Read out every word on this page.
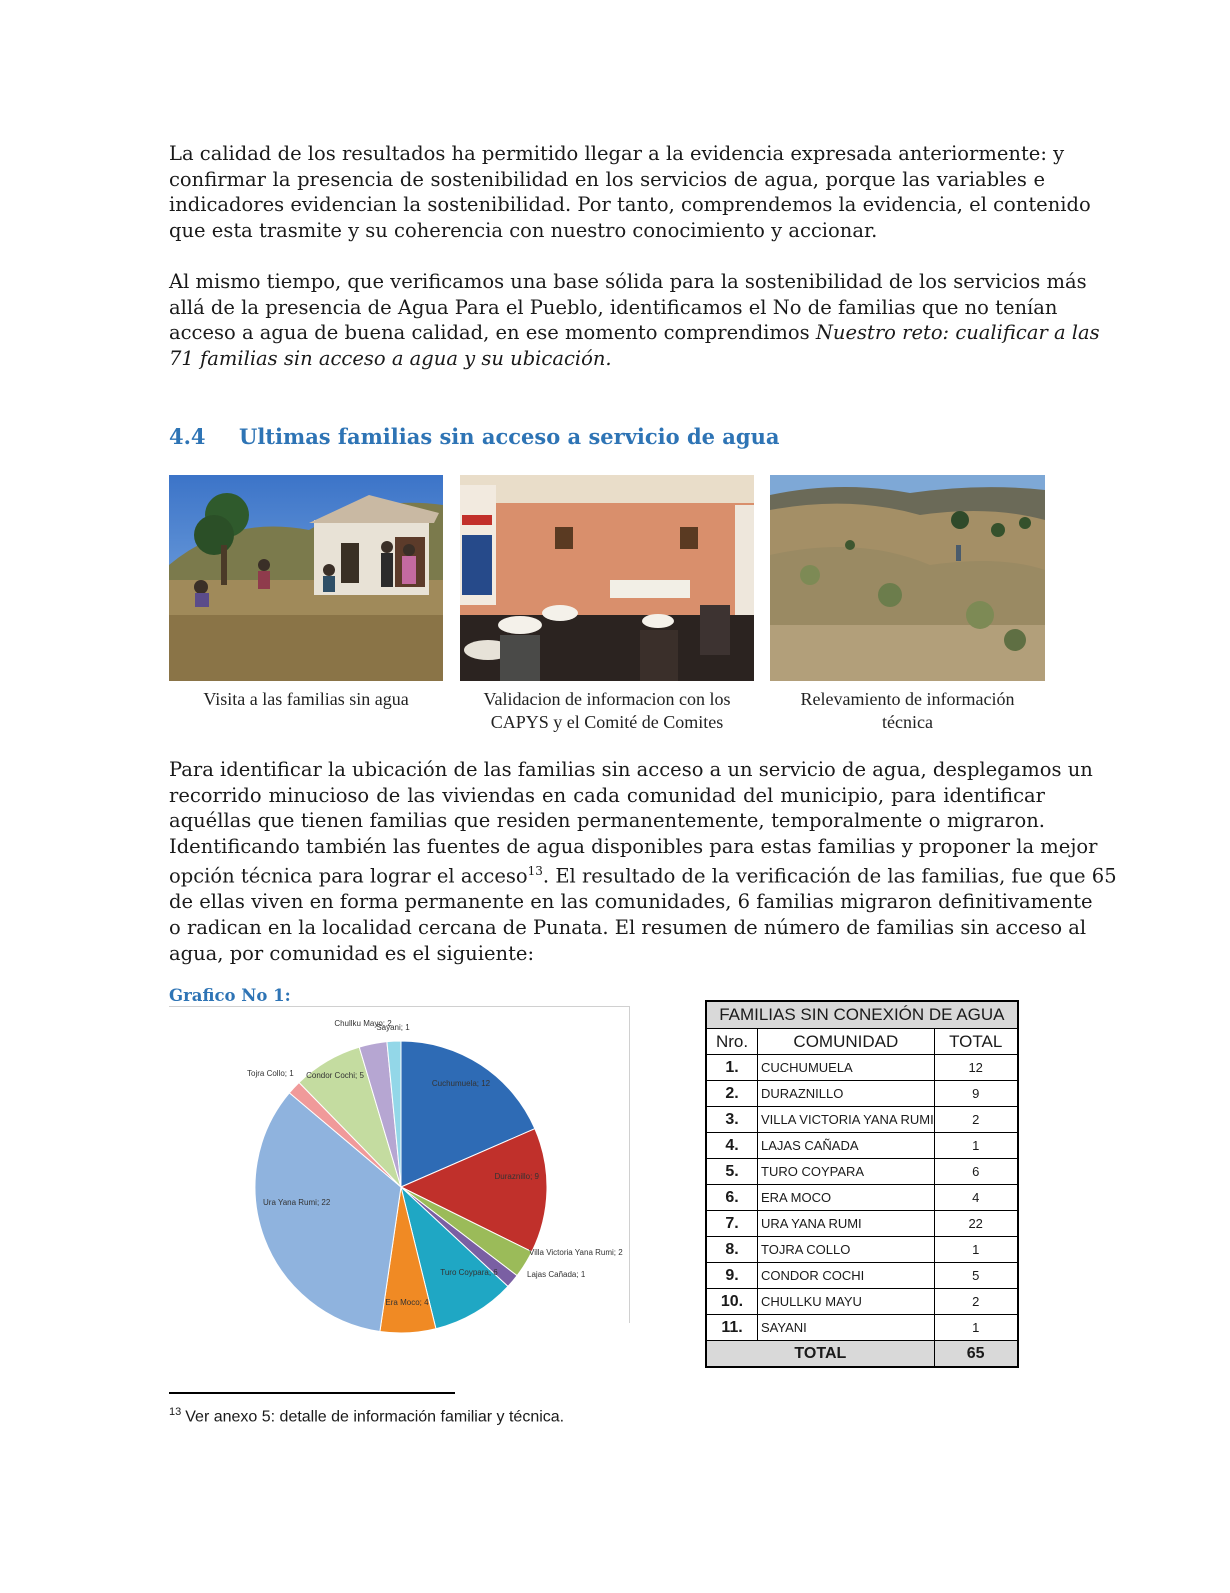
La calidad de los resultados ha permitido llegar a la evidencia expresada anteriormente: y
confirmar la presencia de sostenibilidad en los servicios de agua, porque las variables e
indicadores evidencian la sostenibilidad. Por tanto, comprendemos la evidencia, el contenido
que esta trasmite y su coherencia con nuestro conocimiento y accionar.
Al mismo tiempo, que verificamos una base sólida para la sostenibilidad de los servicios más
allá de la presencia de Agua Para el Pueblo, identificamos el No de familias que no tenían
acceso a agua de buena calidad, en ese momento comprendimos Nuestro reto: cualificar a las
71 familias sin acceso a agua y su ubicación.
4.4 Ultimas familias sin acceso a servicio de agua
Visita a las familias sin agua	Validacion de informacion con los
CAPYS y el Comité de Comites
Relevamiento de información
técnica
Para identificar la ubicación de las familias sin acceso a un servicio de agua, desplegamos un
recorrido minucioso de las viviendas en cada comunidad del municipio, para identificar
aquéllas que tienen familias que residen permanentemente, temporalmente o migraron.
Identificando también las fuentes de agua disponibles para estas familias y proponer la mejor
opción técnica para lograr el acceso$^{13}$. El resultado de la verificación de las familias, fue que 65
de ellas viven en forma permanente en las comunidades, 6 familias migraron definitivamente
o radican en la localidad cercana de Punata. El resumen de número de familias sin acceso al
agua, por comunidad es el siguiente:
Grafico No 1:
Cuchumuela; 12
Duraznillo; 9
Villa Victoria Yana Rumi; 2
Lajas Cañada; 1
Turo Coypara; 6
Era Moco; 4
Ura Yana Rumi; 22
Tojra Collo; 1 Condor Cochi; 5
Chullku Mayo; 2
Sayani; 1
FAMILIAS SIN CONEXIÓN DE AGUA		
Nro.	COMUNIDAD	TOTAL
1.	CUCHUMUELA	12
2.	DURAZNILLO	9
3.	VILLA VICTORIA YANA RUMI	2
4.	LAJAS CAÑADA	1
5.	TURO COYPARA	6
6.	ERA MOCO	4
7.	URA YANA RUMI	22
8.	TOJRA COLLO	1
9.	CONDOR COCHI	5
10.	CHULLKU MAYU	2
11.	SAYANI	1
TOTAL		65
$^{13}$ Ver anexo 5: detalle de información familiar y técnica.
